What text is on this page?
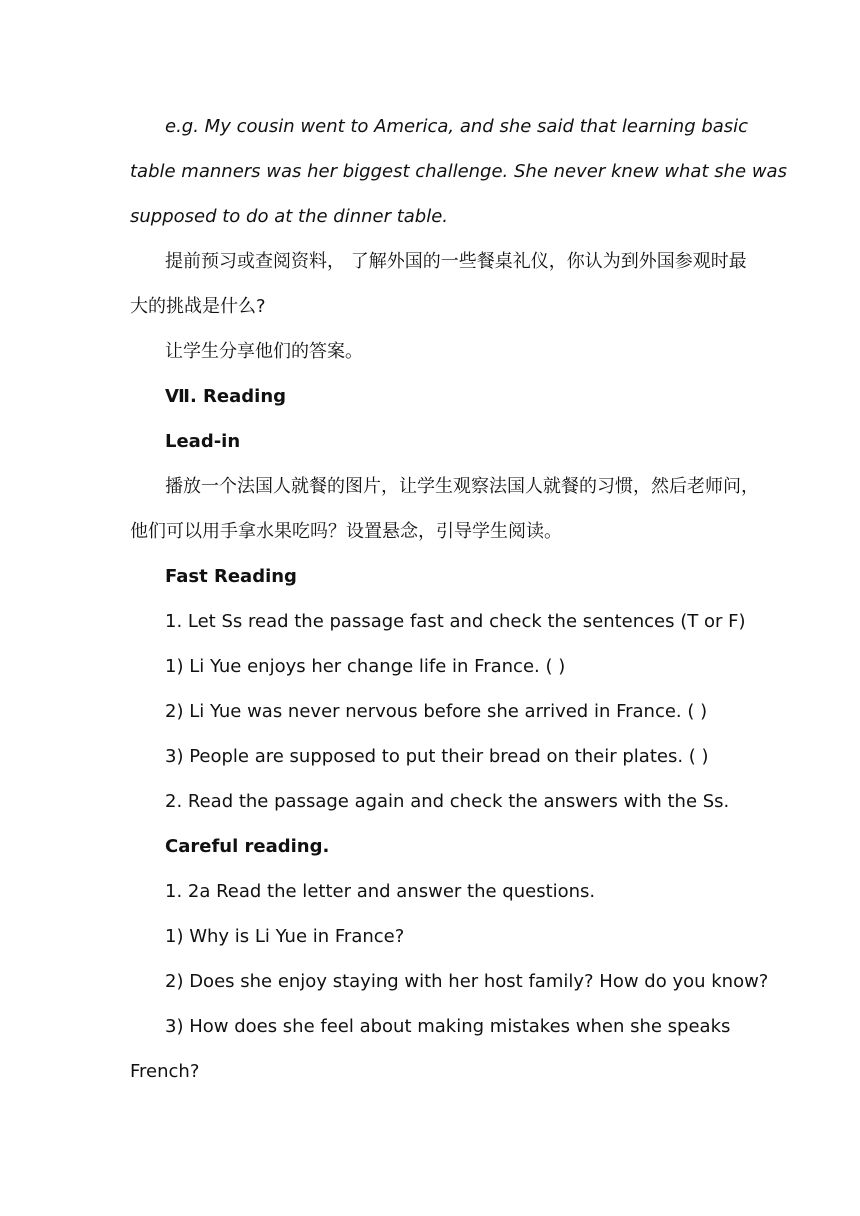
e.g. My cousin went to America, and she said that learning basic
table manners was her biggest challenge. She never knew what she was
supposed to do at the dinner table.
提前预习或查阅资料， 了解外国的一些餐桌礼仪，你认为到外国参观时最
大的挑战是什么?
让学生分享他们的答案。
Ⅶ. Reading
Lead-in
播放一个法国人就餐的图片，让学生观察法国人就餐的习惯，然后老师问，
他们可以用手拿水果吃吗？设置悬念，引导学生阅读。
Fast Reading
1. Let Ss read the passage fast and check the sentences (T or F)
1) Li Yue enjoys her change life in France. ( )
2) Li Yue was never nervous before she arrived in France. ( )
3) People are supposed to put their bread on their plates. ( )
2. Read the passage again and check the answers with the Ss.
Careful reading.
1. 2a Read the letter and answer the questions.
1) Why is Li Yue in France?
2) Does she enjoy staying with her host family? How do you know?
3) How does she feel about making mistakes when she speaks
French?
